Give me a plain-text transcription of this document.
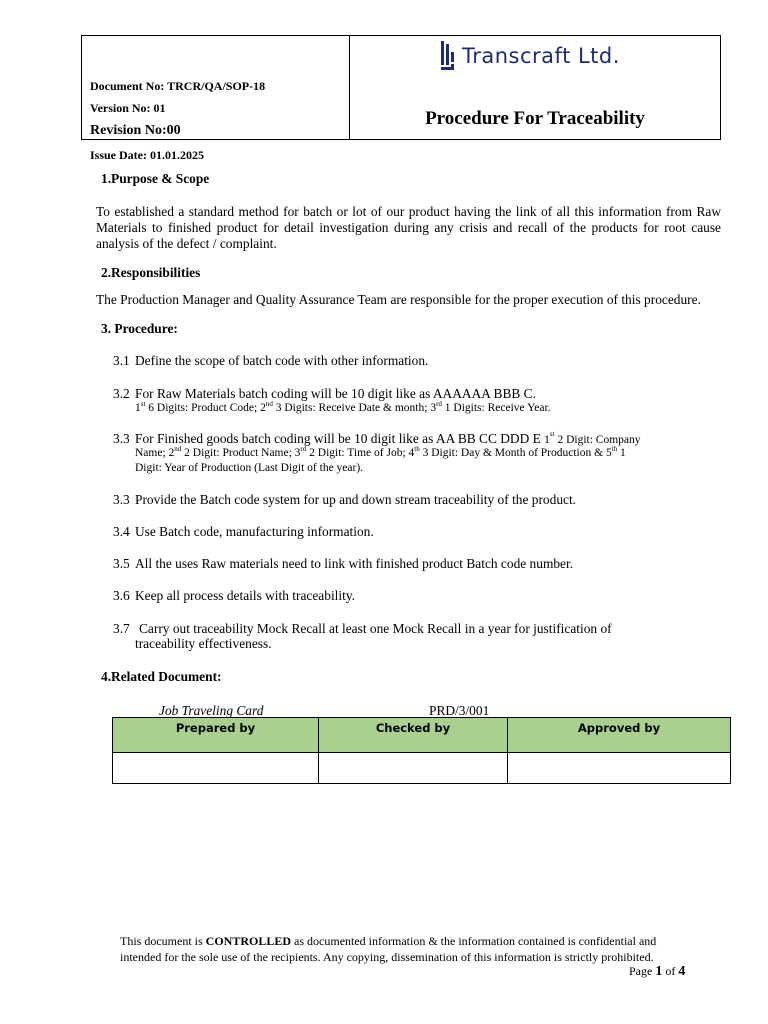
Document No: TRCR/QA/SOP-18
Version No: 01
Revision No:00
Issue Date: 01.01.2025
Transcraft Ltd.
Procedure For Traceability
1.Purpose & Scope
To established a standard method for batch or lot of our product having the link of all this information from Raw Materials to finished product for detail investigation during any crisis and recall of the products for root cause analysis of the defect / complaint.
2.Responsibilities
The Production Manager and Quality Assurance Team are responsible for the proper execution of this procedure.
3. Procedure:
3.1 Define the scope of batch code with other information.
3.2 For Raw Materials batch coding will be 10 digit like as AAAAAA BBB C.
1st 6 Digits: Product Code; 2nd 3 Digits: Receive Date & month; 3rd 1 Digits: Receive Year.
3.3 For Finished goods batch coding will be 10 digit like as AA BB CC DDD E 1st 2 Digit: Company
Name; 2nd 2 Digit: Product Name; 3rd 2 Digit: Time of Job; 4th 3 Digit: Day & Month of Production & 5th 1
Digit: Year of Production (Last Digit of the year).
3.3 Provide the Batch code system for up and down stream traceability of the product.
3.4 Use Batch code, manufacturing information.
3.5 All the uses Raw materials need to link with finished product Batch code number.
3.6 Keep all process details with traceability.
3.7 Carry out traceability Mock Recall at least one Mock Recall in a year for justification of
traceability effectiveness.
4.Related Document:
Job Traveling Card	PRD/3/001
Prepared by	Checked by	Approved by

This document is CONTROLLED as documented information & the information contained is confidential and
intended for the sole use of the recipients. Any copying, dissemination of this information is strictly prohibited.
Page 1 of 4
